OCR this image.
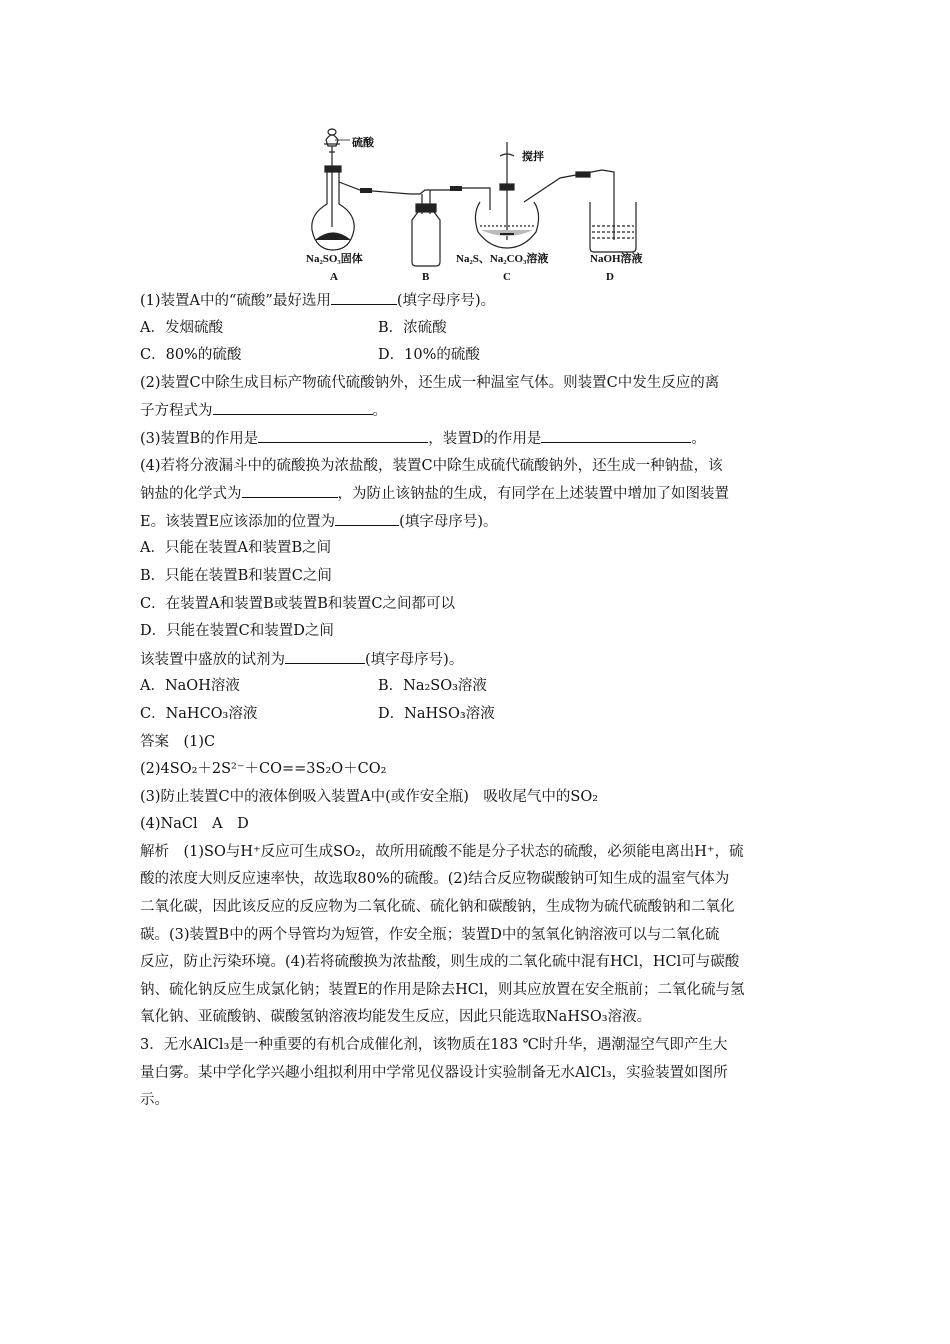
硫酸
搅拌
Na₂SO₃固体	Na₂S、Na₂CO₃溶液	NaOH溶液
A	B	C	D
(1)装置A中的“硫酸”最好选用	(填字母序号)。
A．发烟硫酸	B．浓硫酸
C．80%的硫酸	D．10%的硫酸
(2)装置C中除生成目标产物硫代硫酸钠外，还生成一种温室气体。则装置C中发生反应的离
子方程式为	。
(3)装置B的作用是	，装置D的作用是	。
(4)若将分液漏斗中的硫酸换为浓盐酸，装置C中除生成硫代硫酸钠外，还生成一种钠盐，该
钠盐的化学式为	，为防止该钠盐的生成，有同学在上述装置中增加了如图装置
E。该装置E应该添加的位置为	(填字母序号)。
A．只能在装置A和装置B之间
B．只能在装置B和装置C之间
C．在装置A和装置B或装置B和装置C之间都可以
D．只能在装置C和装置D之间
该装置中盛放的试剂为	(填字母序号)。
A．NaOH溶液	B．Na₂SO₃溶液
C．NaHCO₃溶液	D．NaHSO₃溶液
答案　 (1)C
(2)4SO₂＋2S²⁻＋CO==3S₂O＋CO₂
(3)防止装置C中的液体倒吸入装置A中(或作安全瓶)　吸收尾气中的SO₂
(4)NaCl　A　D
解析　(1)SO与H⁺反应可生成SO₂，故所用硫酸不能是分子状态的硫酸，必须能电离出H⁺，硫
酸的浓度大则反应速率快，故选取80%的硫酸。(2)结合反应物碳酸钠可知生成的温室气体为
二氧化碳，因此该反应的反应物为二氧化硫、硫化钠和碳酸钠，生成物为硫代硫酸钠和二氧化
碳。(3)装置B中的两个导管均为短管，作安全瓶；装置D中的氢氧化钠溶液可以与二氧化硫
反应，防止污染环境。(4)若将硫酸换为浓盐酸，则生成的二氧化硫中混有HCl，HCl可与碳酸
钠、硫化钠反应生成氯化钠；装置E的作用是除去HCl，则其应放置在安全瓶前；二氧化硫与氢
氧化钠、亚硫酸钠、碳酸氢钠溶液均能发生反应，因此只能选取NaHSO₃溶液。
3．无水AlCl₃是一种重要的有机合成催化剂，该物质在183 ℃时升华，遇潮湿空气即产生大
量白雾。某中学化学兴趣小组拟利用中学常见仪器设计实验制备无水AlCl₃，实验装置如图所
示。
